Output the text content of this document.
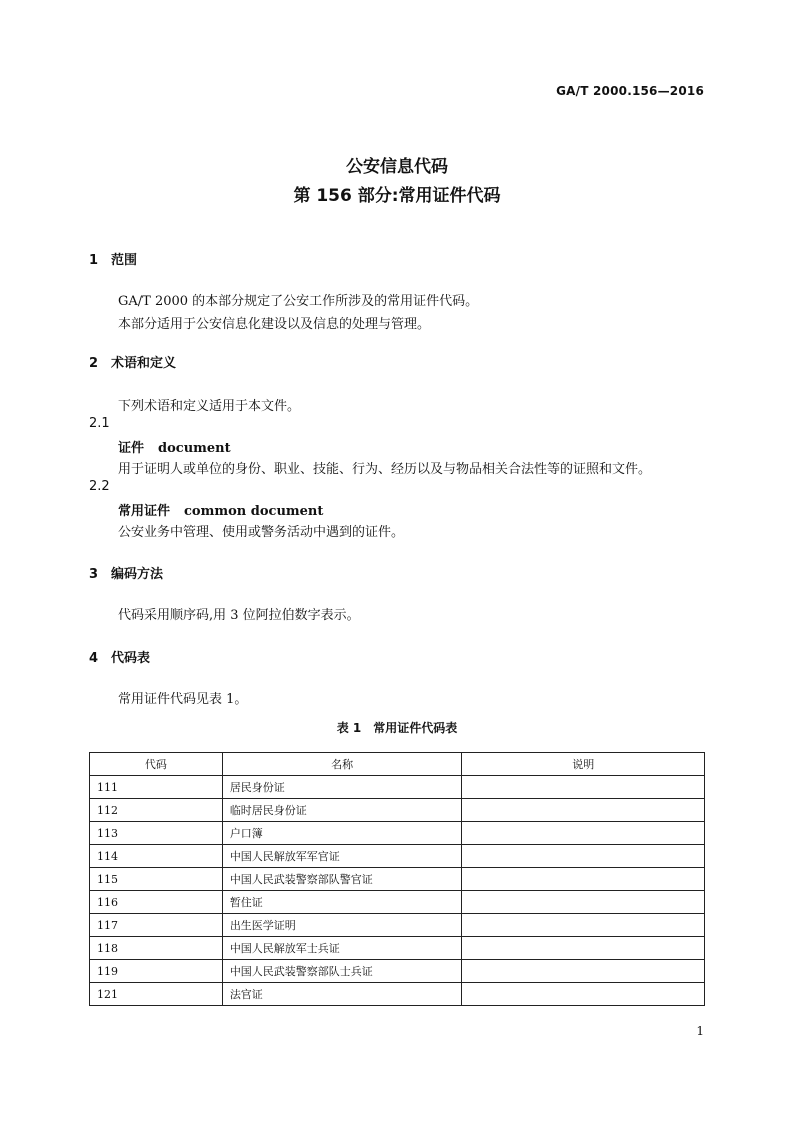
GA/T 2000.156—2016
公安信息代码
第 156 部分:常用证件代码
1 范围
GA/T 2000 的本部分规定了公安工作所涉及的常用证件代码。
本部分适用于公安信息化建设以及信息的处理与管理。
2 术语和定义
下列术语和定义适用于本文件。
2.1
证件 document
用于证明人或单位的身份、职业、技能、行为、经历以及与物品相关合法性等的证照和文件。
2.2
常用证件 common document
公安业务中管理、使用或警务活动中遇到的证件。
3 编码方法
代码采用顺序码,用 3 位阿拉伯数字表示。
4 代码表
常用证件代码见表 1。
表 1　常用证件代码表
代码	名称	说明
111	居民身份证	
112	临时居民身份证	
113	户口簿	
114	中国人民解放军军官证	
115	中国人民武装警察部队警官证	
116	暂住证	
117	出生医学证明	
118	中国人民解放军士兵证	
119	中国人民武装警察部队士兵证	
121	法官证	
1
